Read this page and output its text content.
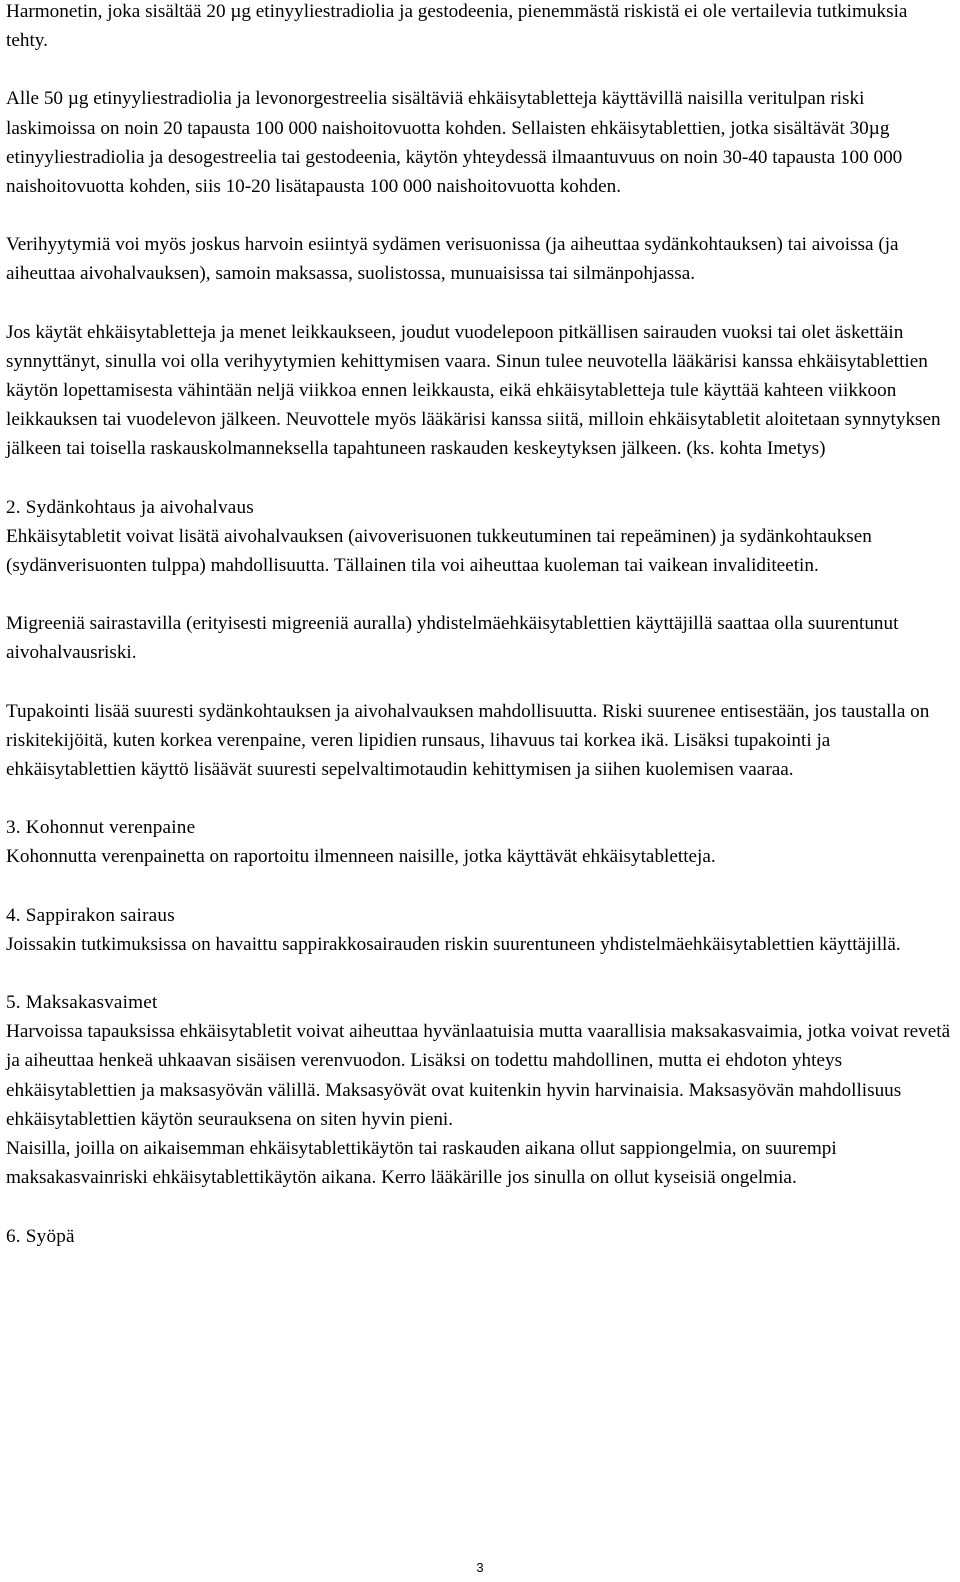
Harmonetin, joka sisältää 20 µg etinyyliestradiolia ja gestodeenia, pienemmästä riskistä ei ole vertailevia tutkimuksia tehty.

Alle 50 µg etinyyliestradiolia ja levonorgestreelia sisältäviä ehkäisytabletteja käyttävillä naisilla veritulpan riski laskimoissa on noin 20 tapausta 100 000 naishoitovuotta kohden. Sellaisten ehkäisytablettien, jotka sisältävät 30µg etinyyliestradiolia ja desogestreelia tai gestodeenia, käytön yhteydessä ilmaantuvuus on noin 30-40 tapausta 100 000 naishoitovuotta kohden, siis 10-20 lisätapausta 100 000 naishoitovuotta kohden.

Verihyytymiä voi myös joskus harvoin esiintyä sydämen verisuonissa (ja aiheuttaa sydänkohtauksen) tai aivoissa (ja aiheuttaa aivohalvauksen), samoin maksassa, suolistossa, munuaisissa tai silmänpohjassa.

Jos käytät ehkäisytabletteja ja menet leikkaukseen, joudut vuodelepoon pitkällisen sairauden vuoksi tai olet äskettäin synnyttänyt, sinulla voi olla verihyytymien kehittymisen vaara. Sinun tulee neuvotella lääkärisi kanssa ehkäisytablettien käytön lopettamisesta vähintään neljä viikkoa ennen leikkausta, eikä ehkäisytabletteja tule käyttää kahteen viikkoon leikkauksen tai vuodelevon jälkeen. Neuvottele myös lääkärisi kanssa siitä, milloin ehkäisytabletit aloitetaan synnytyksen jälkeen tai toisella raskauskolmanneksella tapahtuneen raskauden keskeytyksen jälkeen. (ks. kohta Imetys)

2. Sydänkohtaus ja aivohalvaus

Ehkäisytabletit voivat lisätä aivohalvauksen (aivoverisuonen tukkeutuminen tai repeäminen) ja sydänkohtauksen (sydänverisuonten tulppa) mahdollisuutta. Tällainen tila voi aiheuttaa kuoleman tai vaikean invaliditeetin.

Migreeniä sairastavilla (erityisesti migreeniä auralla) yhdistelmäehkäisytablettien käyttäjillä saattaa olla suurentunut aivohalvausriski.

Tupakointi lisää suuresti sydänkohtauksen ja aivohalvauksen mahdollisuutta. Riski suurenee entisestään, jos taustalla on riskitekijöitä, kuten korkea verenpaine, veren lipidien runsaus, lihavuus tai korkea ikä. Lisäksi tupakointi ja ehkäisytablettien käyttö lisäävät suuresti sepelvaltimotaudin kehittymisen ja siihen kuolemisen vaaraa.

3. Kohonnut verenpaine

Kohonnutta verenpainetta on raportoitu ilmenneen naisille, jotka käyttävät ehkäisytabletteja.

4. Sappirakon sairaus

Joissakin tutkimuksissa on havaittu sappirakkosairauden riskin suurentuneen yhdistelmäehkäisytablettien käyttäjillä.

5. Maksakasvaimet

Harvoissa tapauksissa ehkäisytabletit voivat aiheuttaa hyvänlaatuisia mutta vaarallisia maksakasvaimia, jotka voivat revetä ja aiheuttaa henkeä uhkaavan sisäisen verenvuodon. Lisäksi on todettu mahdollinen, mutta ei ehdoton yhteys ehkäisytablettien ja maksasyövän välillä. Maksasyövät ovat kuitenkin hyvin harvinaisia. Maksasyövän mahdollisuus ehkäisytablettien käytön seurauksena on siten hyvin pieni.

Naisilla, joilla on aikaisemman ehkäisytablettikäytön tai raskauden aikana ollut sappiongelmia, on suurempi maksakasvainriski ehkäisytablettikäytön aikana. Kerro lääkärille jos sinulla on ollut kyseisiä ongelmia.

6. Syöpä

3
